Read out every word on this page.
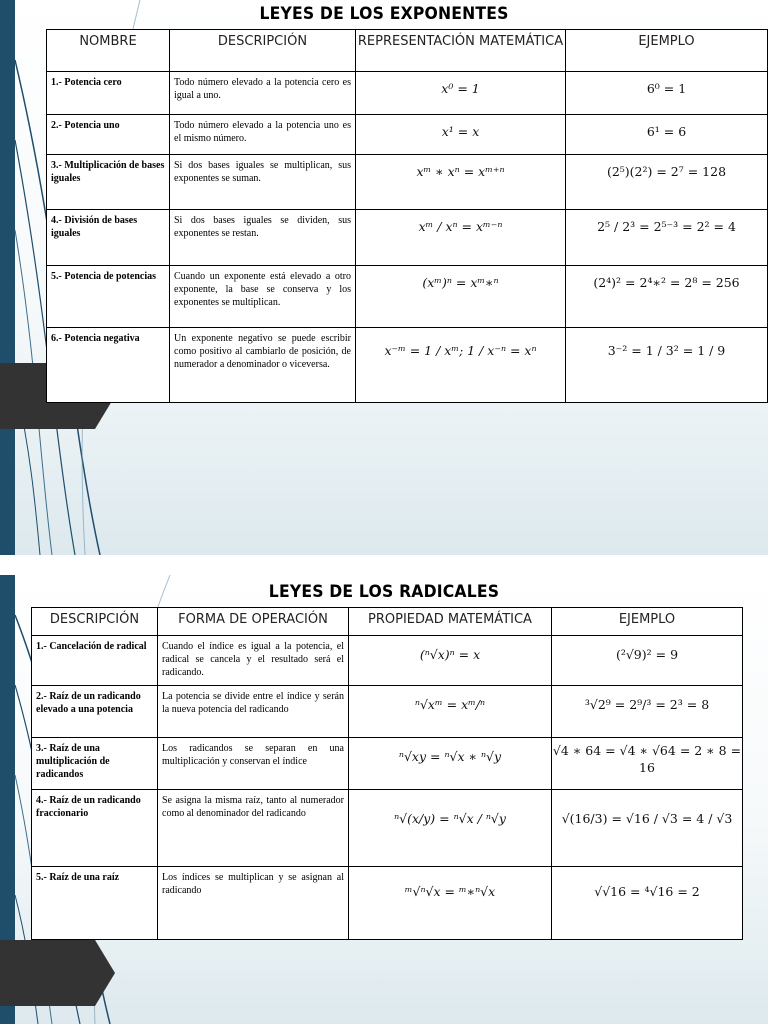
LEYES DE LOS EXPONENTES
NOMBRE	DESCRIPCIÓN	REPRESENTACIÓN MATEMÁTICA	EJEMPLO
1.- Potencia cero	Todo número elevado a la potencia cero es igual a uno.	x⁰ = 1	6⁰ = 1
2.- Potencia uno	Todo número elevado a la potencia uno es el mismo número.	x¹ = x	6¹ = 6
3.- Multiplicación de bases iguales	Si dos bases iguales se multiplican, sus exponentes se suman.	xᵐ ∗ xⁿ = xᵐ⁺ⁿ	(2⁵)(2²) = 2⁷ = 128
4.- División de bases iguales	Si dos bases iguales se dividen, sus exponentes se restan.	xᵐ / xⁿ = xᵐ⁻ⁿ	2⁵ / 2³ = 2⁵⁻³ = 2² = 4
5.- Potencia de potencias	Cuando un exponente está elevado a otro exponente, la base se conserva y los exponentes se multiplican.	(xᵐ)ⁿ = xᵐ∗ⁿ	(2⁴)² = 2⁴∗² = 2⁸ = 256
6.- Potencia negativa	Un exponente negativo se puede escribir como positivo al cambiarlo de posición, de numerador a denominador o viceversa.	x⁻ᵐ = 1 / xᵐ; 1 / x⁻ⁿ = xⁿ	3⁻² = 1 / 3² = 1 / 9
LEYES DE LOS RADICALES
DESCRIPCIÓN	FORMA DE OPERACIÓN	PROPIEDAD MATEMÁTICA	EJEMPLO
1.- Cancelación de radical	Cuando el índice es igual a la potencia, el radical se cancela y el resultado será el radicando.	(ⁿ√x)ⁿ = x	(²√9)² = 9
2.- Raíz de un radicando elevado a una potencia	La potencia se divide entre el índice y serán la nueva potencia del radicando	ⁿ√xᵐ = xᵐ/ⁿ	³√2⁹ = 2⁹/³ = 2³ = 8
3.- Raíz de una multiplicación de radicandos	Los radicandos se separan en una multiplicación y conservan el índice	ⁿ√xy = ⁿ√x ∗ ⁿ√y	√4 ∗ 64 = √4 ∗ √64 = 2 ∗ 8 = 16
4.- Raíz de un radicando fraccionario	Se asigna la misma raíz, tanto al numerador como al denominador del radicando	ⁿ√(x/y) = ⁿ√x / ⁿ√y	√(16/3) = √16 / √3 = 4 / √3
5.- Raíz de una raíz	Los índices se multiplican y se asignan al radicando	ᵐ√ⁿ√x = ᵐ∗ⁿ√x	√√16 = ⁴√16 = 2
